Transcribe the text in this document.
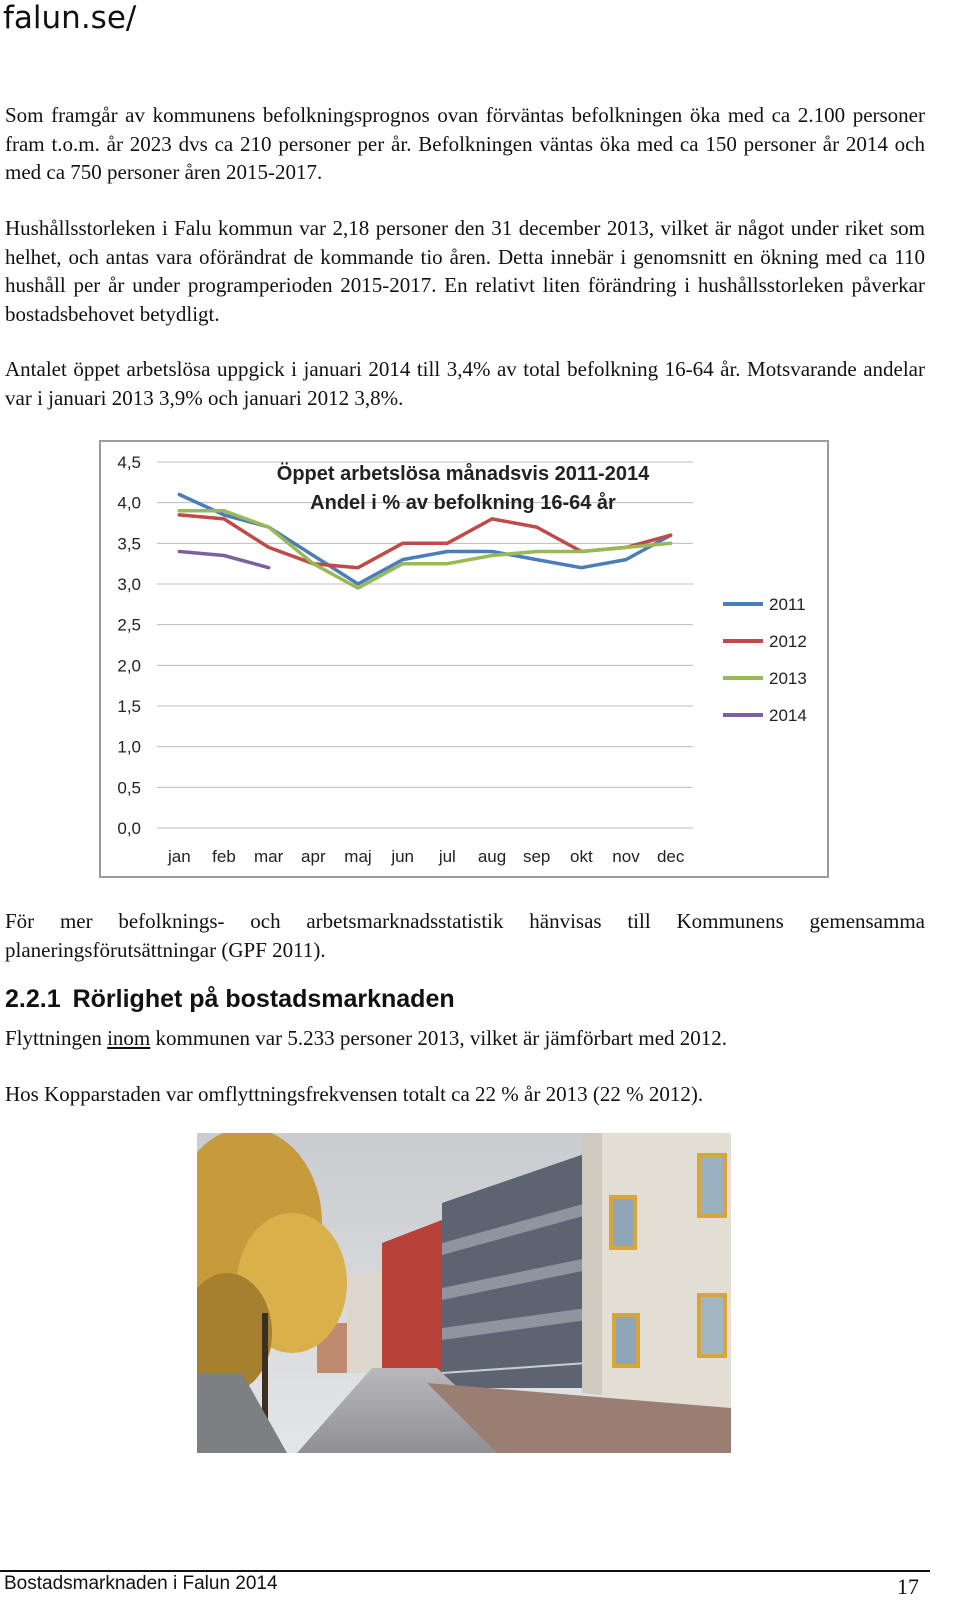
falun.se/

Som framgår av kommunens befolkningsprognos ovan förväntas befolkningen öka med ca 2.100 personer fram t.o.m. år 2023 dvs ca 210 personer per år. Befolkningen väntas öka med ca 150 personer år 2014 och med ca 750 personer åren 2015-2017.

Hushållsstorleken i Falu kommun var 2,18 personer den 31 december 2013, vilket är något under riket som helhet, och antas vara oförändrat de kommande tio åren. Detta innebär i genomsnitt en ökning med ca 110 hushåll per år under programperioden 2015-2017. En relativt liten förändring i hushållsstorleken påverkar bostadsbehovet betydligt.

Antalet öppet arbetslösa uppgick i januari 2014 till 3,4% av total befolkning 16-64 år. Motsvarande andelar var i januari 2013 3,9% och januari 2012 3,8%.

0,0
0,5
1,0
1,5
2,0
2,5
3,0
3,5
4,0
4,5
jan feb mar apr maj jun jul aug sep okt nov dec
Öppet arbetslösa månadsvis 2011-2014
Andel i % av befolkning 16-64 år
2011
2012
2013
2014

För mer befolknings- och arbetsmarknadsstatistik hänvisas till Kommunens gemensamma planeringsförutsättningar (GPF 2011).

2.2.1 Rörlighet på bostadsmarknaden

Flyttningen inom kommunen var 5.233 personer 2013, vilket är jämförbart med 2012.

Hos Kopparstaden var omflyttningsfrekvensen totalt ca 22 % år 2013 (22 % 2012).

Bostadsmarknaden i Falun 2014	17
